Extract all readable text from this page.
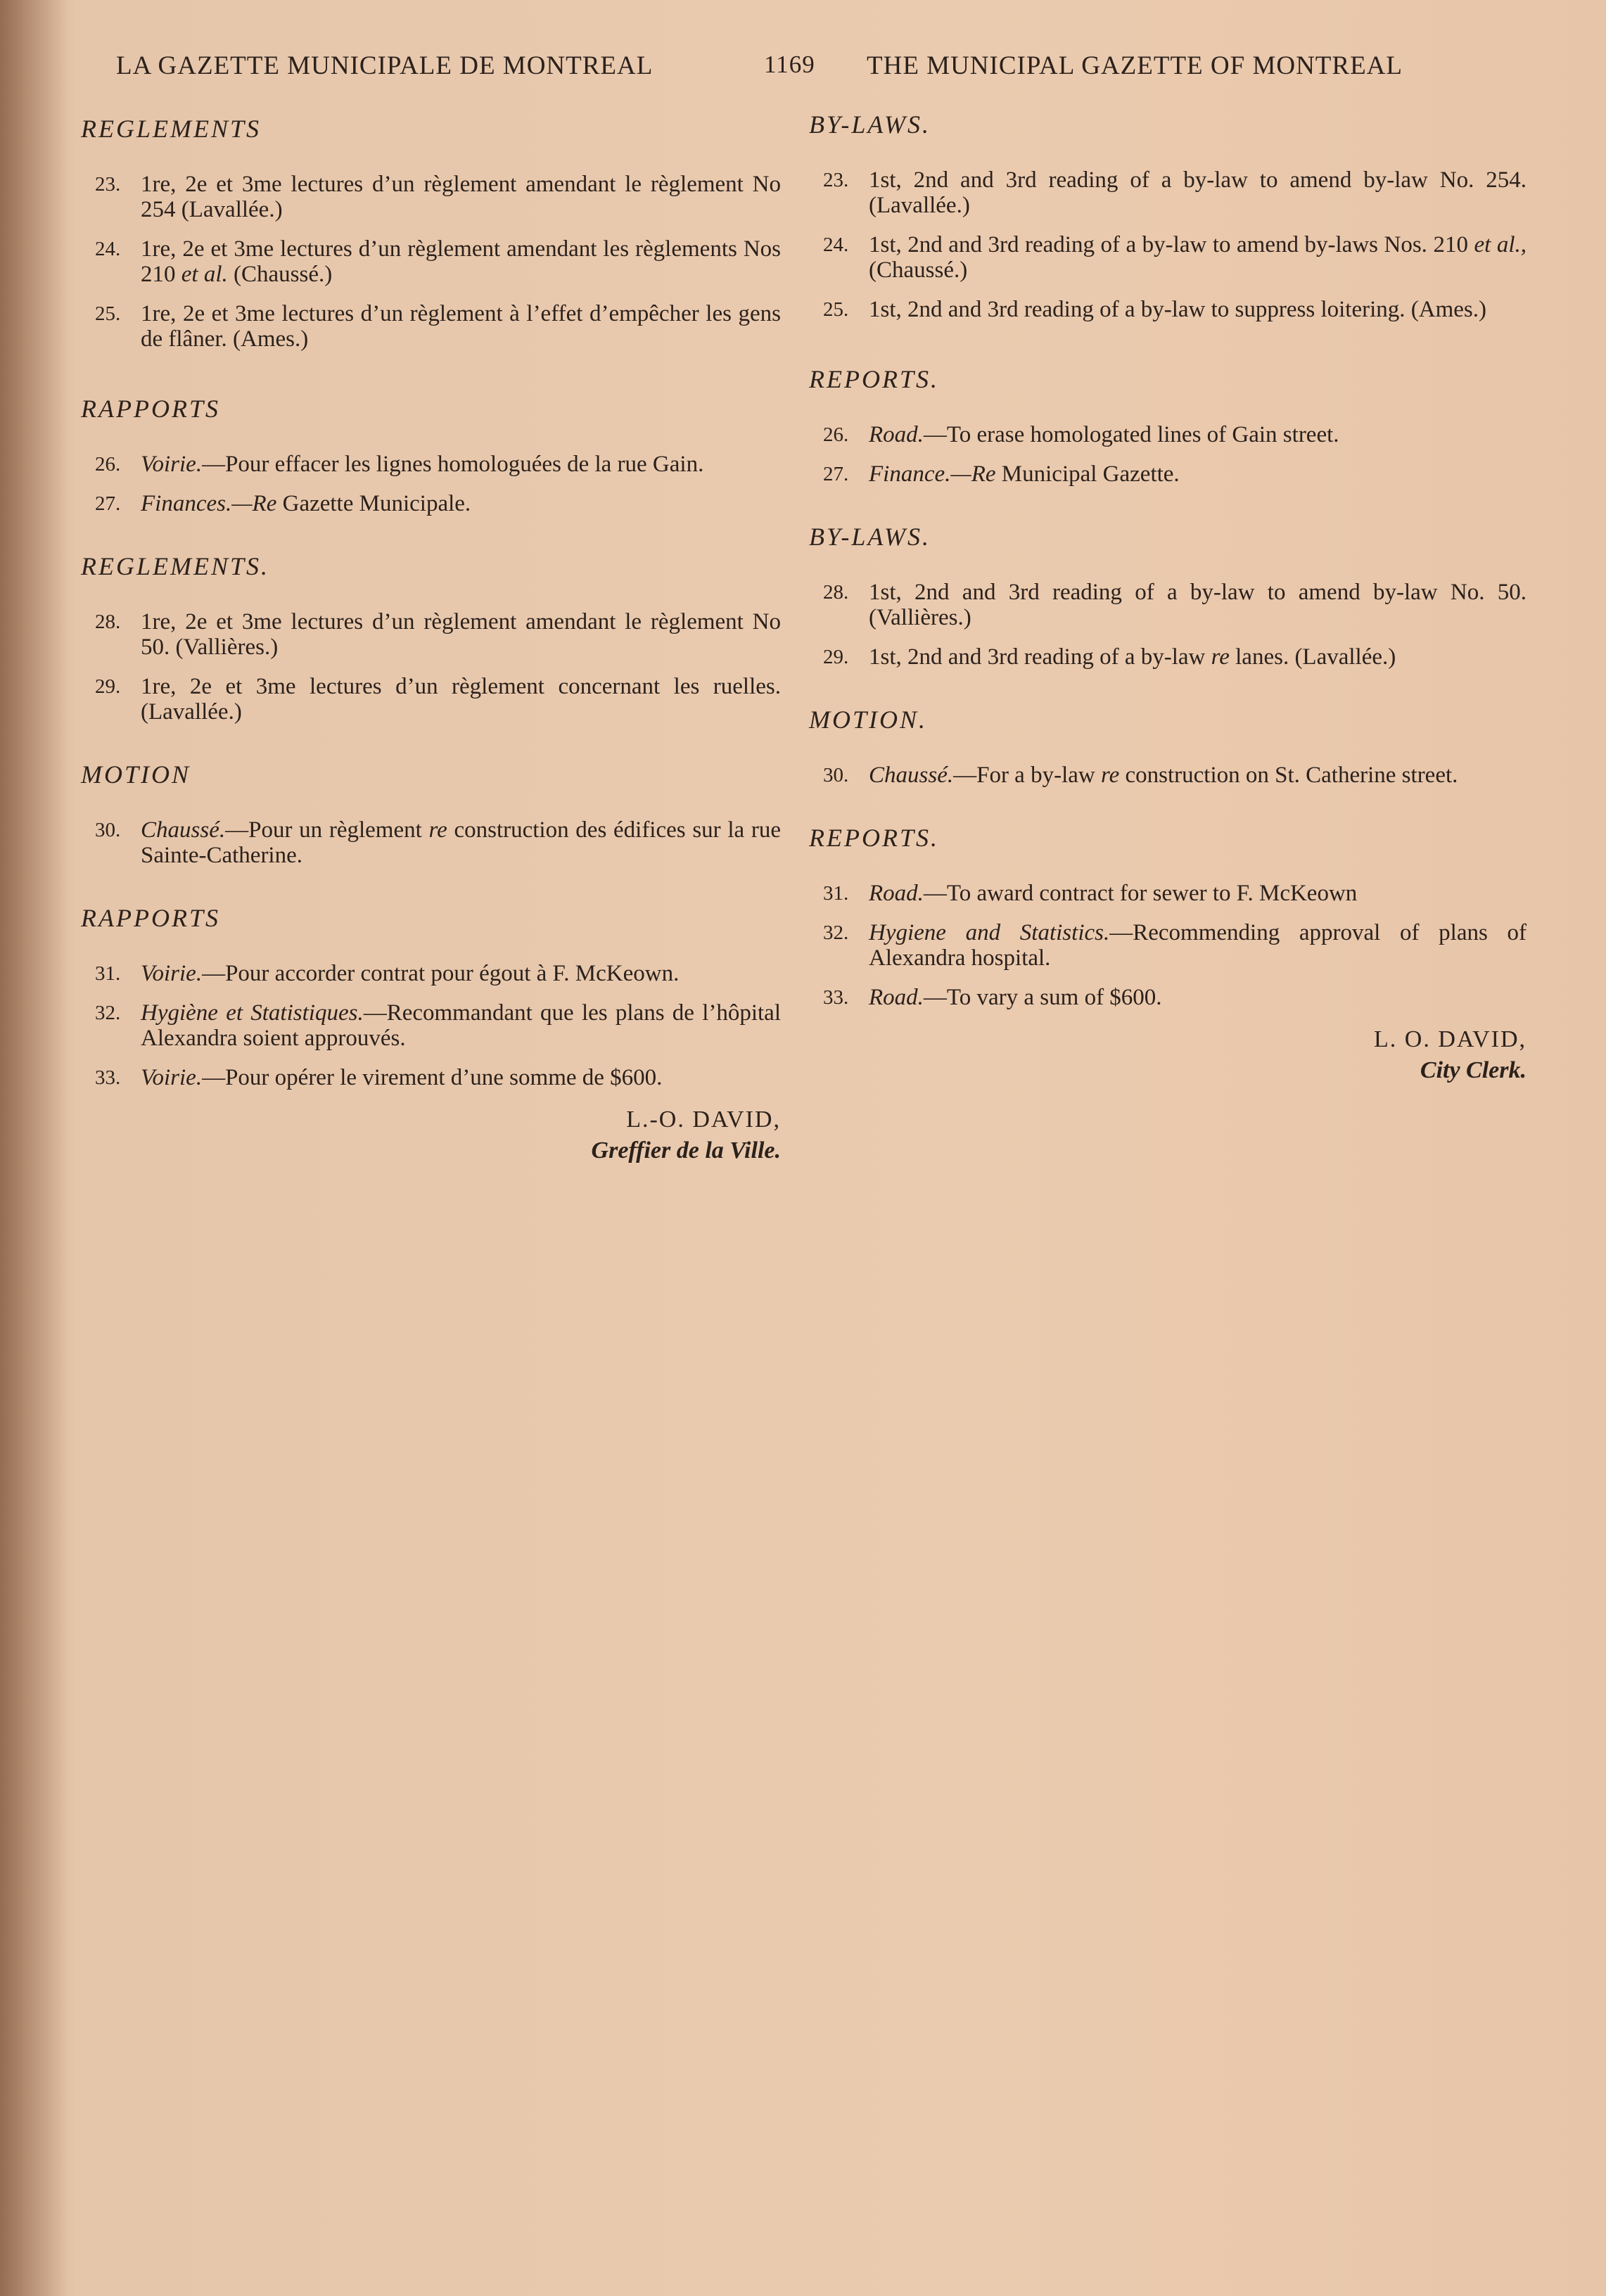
LA GAZETTE MUNICIPALE DE MONTREAL	1169 THE MUNICIPAL GAZETTE OF MONTREAL
REGLEMENTS
23. 1re, 2e et 3me lectures d’un règlement amendant le règlement No 254 (Lavallée.)
24. 1re, 2e et 3me lectures d’un règlement amendant les règlements Nos 210 et al. (Chaussé.)
25. 1re, 2e et 3me lectures d’un règlement à l’effet d’empêcher les gens de flâner. (Ames.)
RAPPORTS
26. Voirie.—Pour effacer les lignes homologuées de la rue Gain.
27. Finances.—Re Gazette Municipale.
REGLEMENTS.
28. 1re, 2e et 3me lectures d’un règlement amendant le règlement No 50. (Vallières.)
29. 1re, 2e et 3me lectures d’un règlement concernant les ruelles. (Lavallée.)
MOTION
30. Chaussé.—Pour un règlement re construction des édifices sur la rue Sainte-Catherine.
RAPPORTS
31. Voirie.—Pour accorder contrat pour égout à F. McKeown.
32. Hygiène et Statistiques.—Recommandant que les plans de l’hôpital Alexandra soient approuvés.
33. Voirie.—Pour opérer le virement d’une somme de $600.
L.-O. DAVID,
Greffier de la Ville.
BY-LAWS.
23. 1st, 2nd and 3rd reading of a by-law to amend by-law No. 254. (Lavallée.)
24. 1st, 2nd and 3rd reading of a by-law to amend by-laws Nos. 210 et al., (Chaussé.)
25. 1st, 2nd and 3rd reading of a by-law to suppress loitering. (Ames.)
REPORTS.
26. Road.—To erase homologated lines of Gain street.
27. Finance.—Re Municipal Gazette.
BY-LAWS.
28. 1st, 2nd and 3rd reading of a by-law to amend by-law No. 50. (Vallières.)
29. 1st, 2nd and 3rd reading of a by-law re lanes. (Lavallée.)
MOTION.
30. Chaussé.—For a by-law re construction on St. Catherine street.
REPORTS.
31. Road.—To award contract for sewer to F. McKeown
32. Hygiene and Statistics.—Recommending approval of plans of Alexandra hospital.
33. Road.—To vary a sum of $600.
L. O. DAVID,
City Clerk.
